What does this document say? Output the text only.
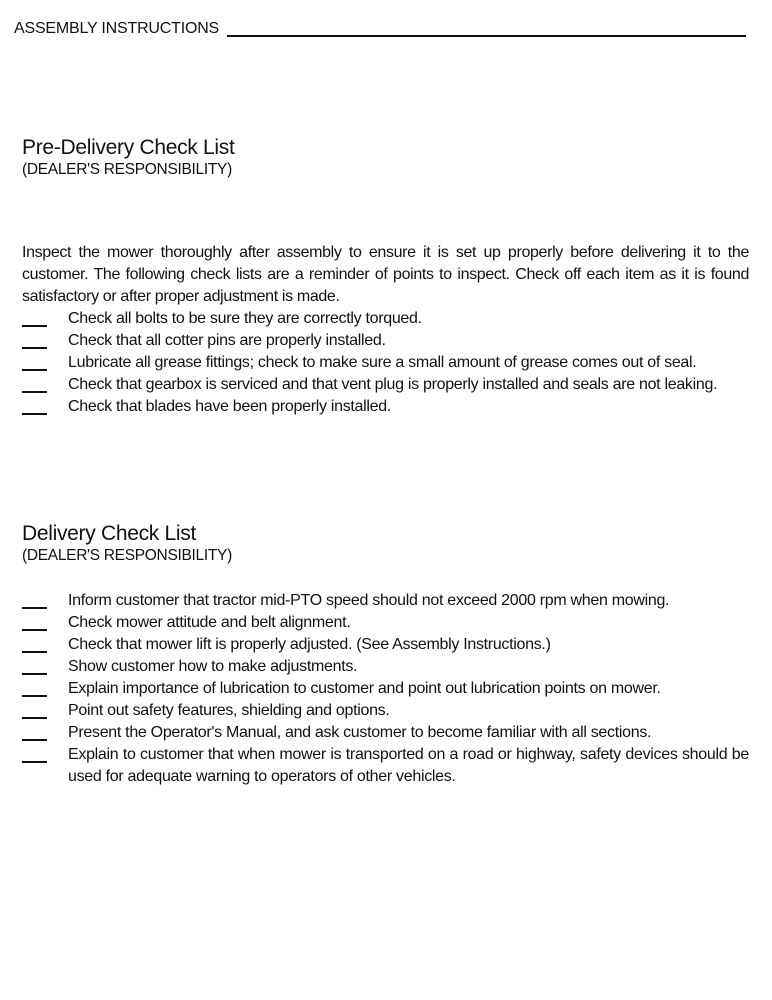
ASSEMBLY INSTRUCTIONS
Pre-Delivery Check List
(DEALER'S RESPONSIBILITY)

Inspect the mower thoroughly after assembly to ensure it is set up properly before delivering it to the customer. The following check lists are a reminder of points to inspect. Check off each item as it is found satisfactory or after proper adjustment is made.

Check all bolts to be sure they are correctly torqued.
Check that all cotter pins are properly installed.
Lubricate all grease fittings; check to make sure a small amount of grease comes out of seal.
Check that gearbox is serviced and that vent plug is properly installed and seals are not leaking.
Check that blades have been properly installed.
Delivery Check List
(DEALER'S RESPONSIBILITY)
Inform customer that tractor mid-PTO speed should not exceed 2000 rpm when mowing.
Check mower attitude and belt alignment.
Check that mower lift is properly adjusted. (See Assembly Instructions.)
Show customer how to make adjustments.
Explain importance of lubrication to customer and point out lubrication points on mower.
Point out safety features, shielding and options.
Present the Operator's Manual, and ask customer to become familiar with all sections.
Explain to customer that when mower is transported on a road or highway, safety devices should be used for adequate warning to operators of other vehicles.
